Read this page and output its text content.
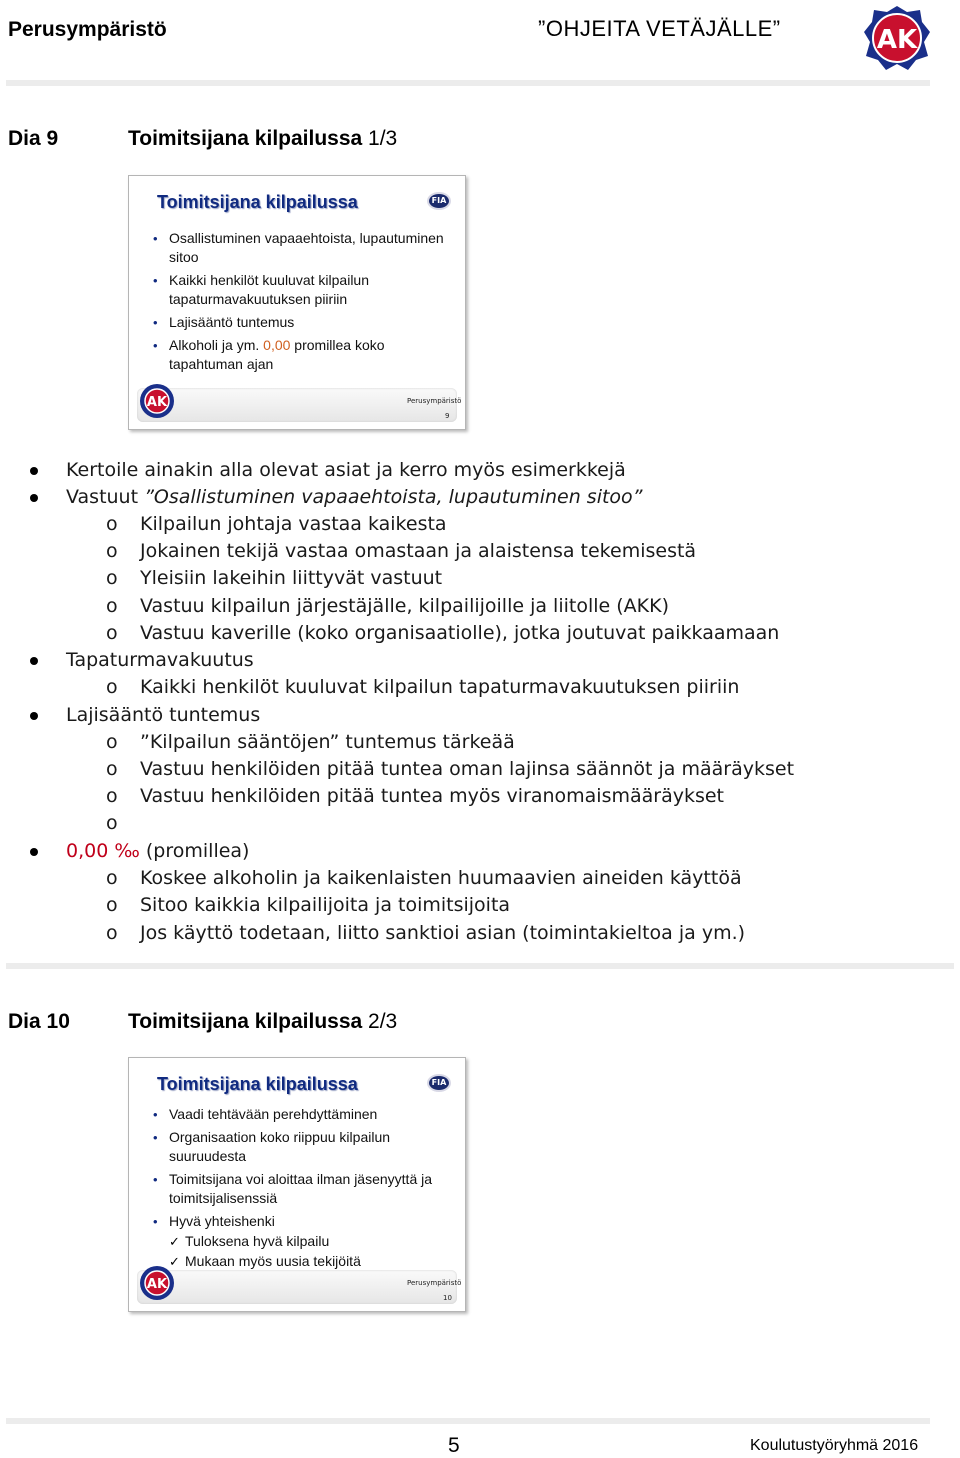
Perusympäristö	”OHJEITA VETÄJÄLLE”	AK
Dia 9	Toimitsijana kilpailussa 1/3
Toimitsijana kilpailussa	FIA
• Osallistuminen vapaaehtoista, lupautuminen sitoo
• Kaikki henkilöt kuuluvat kilpailun tapaturmavakuutuksen piiriin
• Lajisääntö tuntemus
• Alkoholi ja ym. 0,00 promillea koko tapahtuman ajan
AK	Perusympäristö
9
Kertoile ainakin alla olevat asiat ja kerro myös esimerkkejä
Vastuut ”Osallistuminen vapaaehtoista, lupautuminen sitoo”
o Kilpailun johtaja vastaa kaikesta
o Jokainen tekijä vastaa omastaan ja alaistensa tekemisestä
o Yleisiin lakeihin liittyvät vastuut
o Vastuu kilpailun järjestäjälle, kilpailijoille ja liitolle (AKK)
o Vastuu kaverille (koko organisaatiolle), jotka joutuvat paikkaamaan
Tapaturmavakuutus
o Kaikki henkilöt kuuluvat kilpailun tapaturmavakuutuksen piiriin
Lajisääntö tuntemus
o ”Kilpailun sääntöjen” tuntemus tärkeää
o Vastuu henkilöiden pitää tuntea oman lajinsa säännöt ja määräykset
o Vastuu henkilöiden pitää tuntea myös viranomaismääräykset
o
0,00 ‰ (promillea)
o Koskee alkoholin ja kaikenlaisten huumaavien aineiden käyttöä
o Sitoo kaikkia kilpailijoita ja toimitsijoita
o Jos käyttö todetaan, liitto sanktioi asian (toimintakieltoa ja ym.)
Dia 10	Toimitsijana kilpailussa 2/3
Toimitsijana kilpailussa	FIA
• Vaadi tehtävään perehdyttäminen
• Organisaation koko riippuu kilpailun suuruudesta
• Toimitsijana voi aloittaa ilman jäsenyyttä ja toimitsijalisenssiä
• Hyvä yhteishenki
✓ Tuloksena hyvä kilpailu
✓ Mukaan myös uusia tekijöitä
AK	Perusympäristö
10
5	Koulutustyöryhmä 2016
